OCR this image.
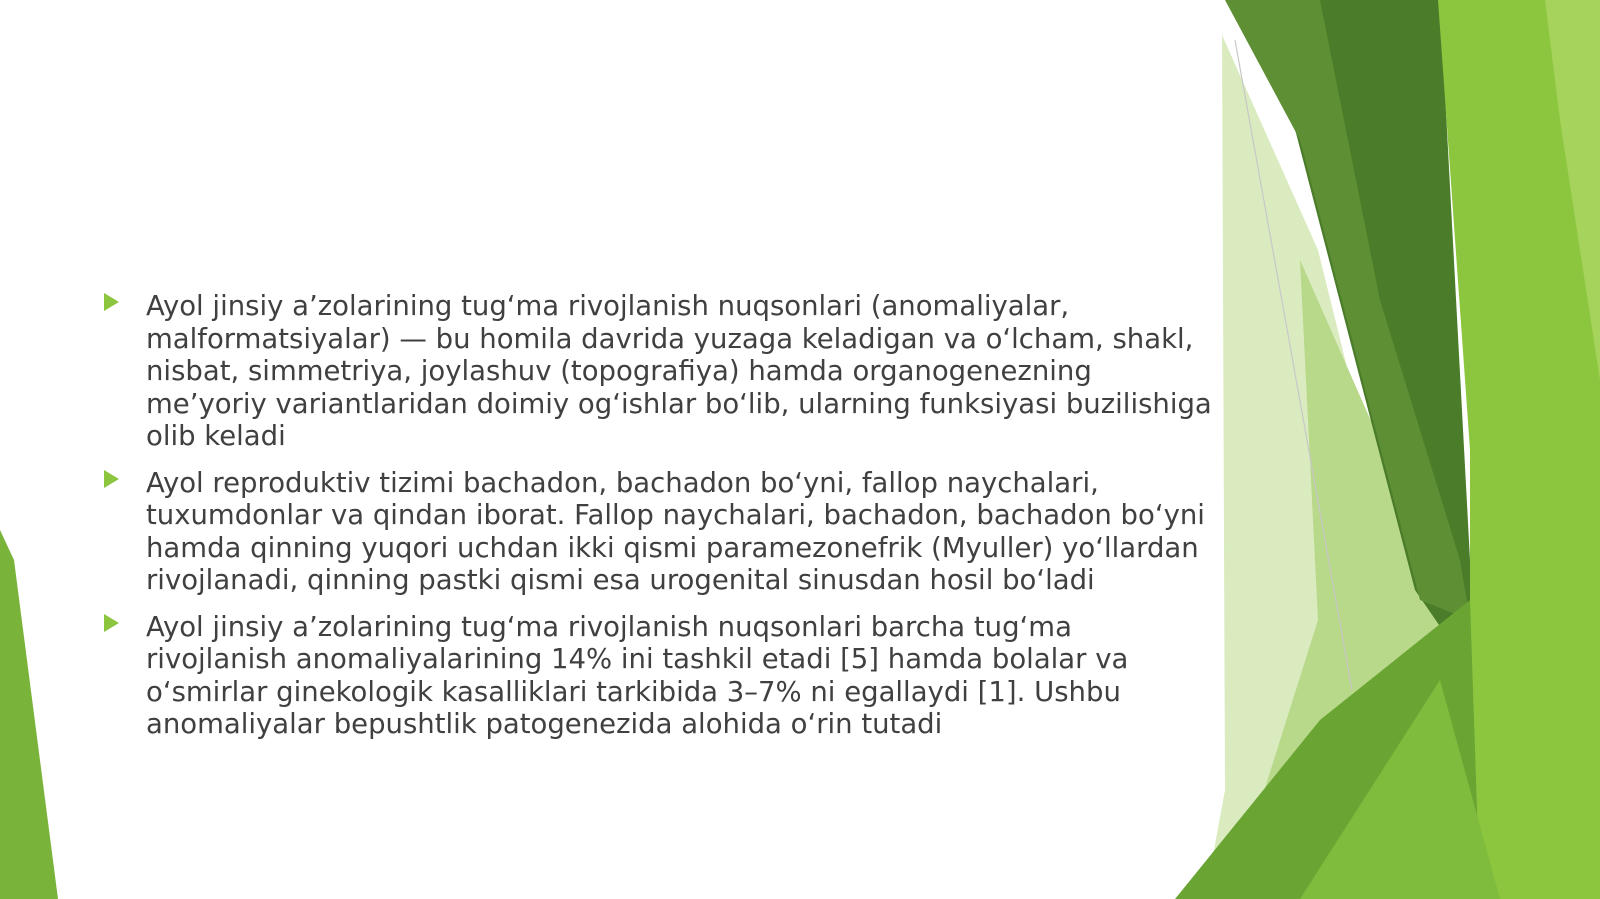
Ayol jinsiy a’zolarining tug‘ma rivojlanish nuqsonlari (anomaliyalar, malformatsiyalar) — bu homila davrida yuzaga keladigan va o‘lcham, shakl, nisbat, simmetriya, joylashuv (topografiya) hamda organogenezning me’yoriy variantlaridan doimiy og‘ishlar bo‘lib, ularning funksiyasi buzilishiga olib keladi
Ayol reproduktiv tizimi bachadon, bachadon bo‘yni, fallop naychalari, tuxumdonlar va qindan iborat. Fallop naychalari, bachadon, bachadon bo‘yni hamda qinning yuqori uchdan ikki qismi paramezonefrik (Myuller) yo‘llardan rivojlanadi, qinning pastki qismi esa urogenital sinusdan hosil bo‘ladi
Ayol jinsiy a’zolarining tug‘ma rivojlanish nuqsonlari barcha tug‘ma rivojlanish anomaliyalarining 14% ini tashkil etadi [5] hamda bolalar va o‘smirlar ginekologik kasalliklari tarkibida 3–7% ni egallaydi [1]. Ushbu anomaliyalar bepushtlik patogenezida alohida o‘rin tutadi
